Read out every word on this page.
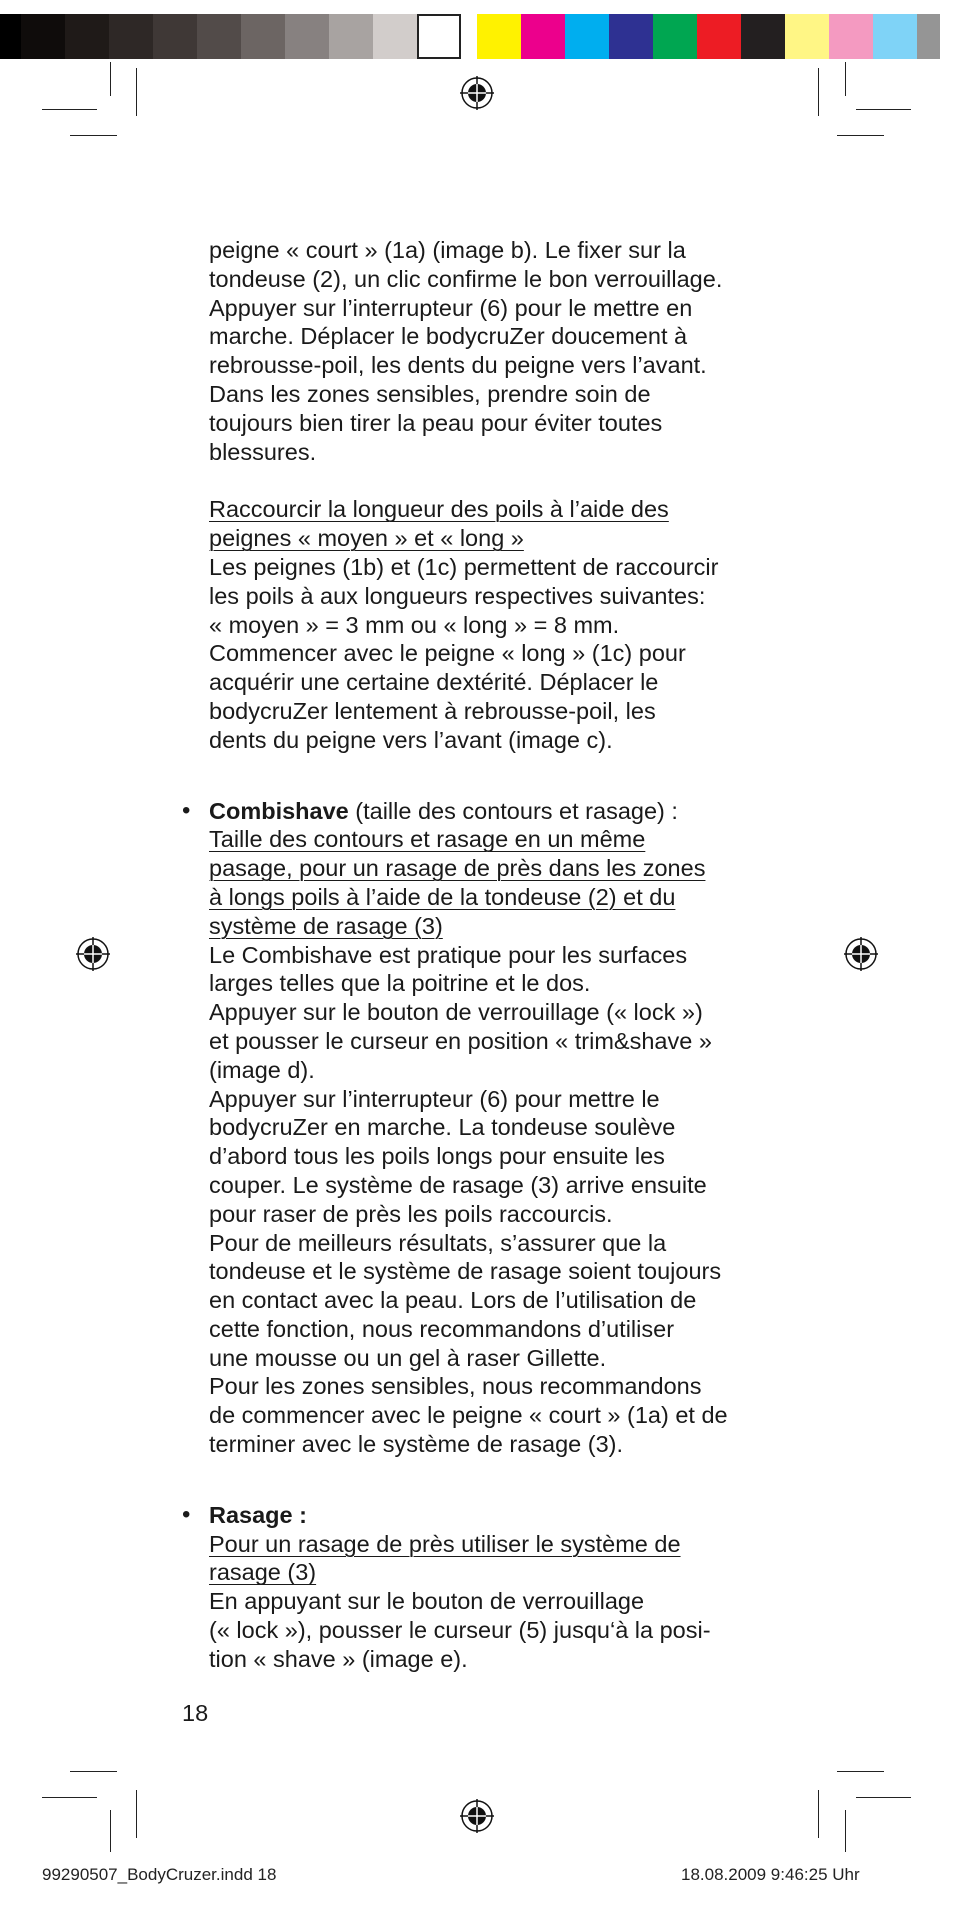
peigne « court » (1a) (image b). Le fixer sur la

tondeuse (2), un clic confirme le bon verrouillage.

Appuyer sur l’interrupteur (6) pour le mettre en

marche. Déplacer le bodycruZer doucement à

rebrousse-poil, les dents du peigne vers l’avant.

Dans les zones sensibles, prendre soin de

toujours bien tirer la peau pour éviter toutes

blessures.

Raccourcir la longueur des poils à l’aide des

peignes « moyen » et « long »

Les peignes (1b) et (1c) permettent de raccourcir

les poils à aux longueurs respectives suivantes:

« moyen » = 3 mm ou « long » = 8 mm.

Commencer avec le peigne « long » (1c) pour

acquérir une certaine dextérité. Déplacer le

bodycruZer lentement à rebrousse-poil, les

dents du peigne vers l’avant (image c).

• Combishave (taille des contours et rasage) :

Taille des contours et rasage en un même

pasage, pour un rasage de près dans les zones

à longs poils à l’aide de la tondeuse (2) et du

système de rasage (3)

Le Combishave est pratique pour les surfaces

larges telles que la poitrine et le dos.

Appuyer sur le bouton de verrouillage (« lock »)

et pousser le curseur en position « trim&shave »

(image d).

Appuyer sur l’interrupteur (6) pour mettre le

bodycruZer en marche. La tondeuse soulève

d’abord tous les poils longs pour ensuite les

couper. Le système de rasage (3) arrive ensuite

pour raser de près les poils raccourcis.

Pour de meilleurs résultats, s’assurer que la

tondeuse et le système de rasage soient toujours

en contact avec la peau. Lors de l’utilisation de

cette fonction, nous recommandons d’utiliser

une mousse ou un gel à raser Gillette.

Pour les zones sensibles, nous recommandons

de commencer avec le peigne « court » (1a) et de

terminer avec le système de rasage (3).

• Rasage :

Pour un rasage de près utiliser le système de

rasage (3)

En appuyant sur le bouton de verrouillage

(« lock »), pousser le curseur (5) jusqu‘à la posi-

tion « shave » (image e).

18
99290507_BodyCruzer.indd 18	18.08.2009 9:46:25 Uhr
